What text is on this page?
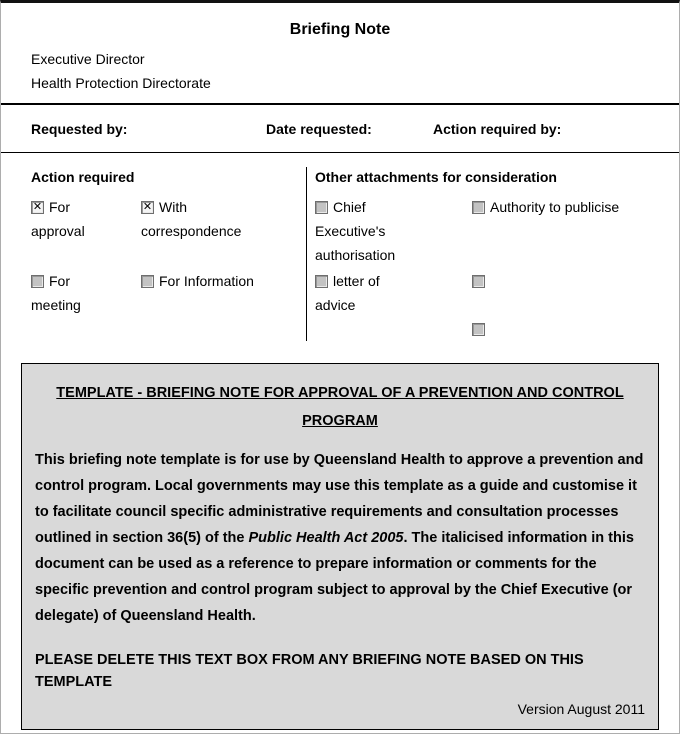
Briefing Note
Executive Director
Health Protection Directorate
Requested by:	Date requested:	Action required by:
Action required
✕For approval
✕With correspondence
For meeting
For Information
Other attachments for consideration
Chief Executive's authorisation
Authority to publicise
letter of advice
TEMPLATE - BRIEFING NOTE FOR APPROVAL OF A PREVENTION AND CONTROL PROGRAM
This briefing note template is for use by Queensland Health to approve a prevention and control program. Local governments may use this template as a guide and customise it to facilitate council specific administrative requirements and consultation processes outlined in section 36(5) of the Public Health Act 2005. The italicised information in this document can be used as a reference to prepare information or comments for the specific prevention and control program subject to approval by the Chief Executive (or delegate) of Queensland Health.
PLEASE DELETE THIS TEXT BOX FROM ANY BRIEFING NOTE BASED ON THIS TEMPLATE
Version August 2011
